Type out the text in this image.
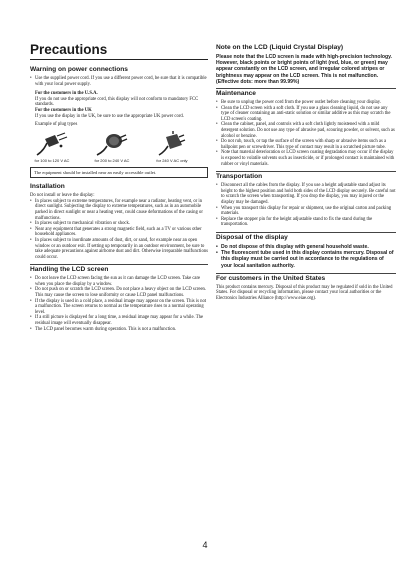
Precautions
Warning on power connections
• Use the supplied power cord. If you use a different power cord, be sure that it is compatible with your local power supply.

For the customers in the U.S.A.

If you do not use the appropriate cord, this display will not conform to mandatory FCC standards.

For the customers in the UK

If you use the display in the UK, be sure to use the appropriate UK power cord.

Example of plug types

for 100 to 120 V AC	for 200 to 240 V AC	for 240 V AC only
The equipment should be installed near an easily accessible outlet.
Installation

Do not install or leave the display:

• In places subject to extreme temperatures, for example near a radiator, heating vent, or in direct sunlight. Subjecting the display to extreme temperatures, such as in an automobile parked in direct sunlight or near a heating vent, could cause deformations of the casing or malfunctions.
• In places subject to mechanical vibration or shock.
• Near any equipment that generates a strong magnetic field, such as a TV or various other household appliances.
• In places subject to inordinate amounts of dust, dirt, or sand, for example near an open window or an outdoor exit. If setting up temporarily in an outdoor environment, be sure to take adequate precautions against airborne dust and dirt. Otherwise irreparable malfunctions could occur.
Handling the LCD screen
• Do not leave the LCD screen facing the sun as it can damage the LCD screen. Take care when you place the display by a window.
• Do not push on or scratch the LCD screen. Do not place a heavy object on the LCD screen. This may cause the screen to lose uniformity or cause LCD panel malfunctions.
• If the display is used in a cold place, a residual image may appear on the screen. This is not a malfunction. The screen returns to normal as the temperature rises to a normal operating level.
• If a still picture is displayed for a long time, a residual image may appear for a while. The residual image will eventually disappear.
• The LCD panel becomes warm during operation. This is not a malfunction.
Note on the LCD (Liquid Crystal Display)

Please note that the LCD screen is made with high-precision technology. However, black points or bright points of light (red, blue, or green) may appear constantly on the LCD screen, and irregular colored stripes or brightness may appear on the LCD screen. This is not malfunction.

(Effective dots: more than 99.99%)

Maintenance
• Be sure to unplug the power cord from the power outlet before cleaning your display.
• Clean the LCD screen with a soft cloth. If you use a glass cleaning liquid, do not use any type of cleaner containing an anti-static solution or similar additive as this may scratch the LCD screen's coating.
• Clean the cabinet, panel, and controls with a soft cloth lightly moistened with a mild detergent solution. Do not use any type of abrasive pad, scouring powder, or solvent, such as alcohol or benzine.
• Do not rub, touch, or tap the surface of the screen with sharp or abrasive items such as a ballpoint pen or screwdriver. This type of contact may result in a scratched picture tube.
• Note that material deterioration or LCD screen coating degradation may occur if the display is exposed to volatile solvents such as insecticide, or if prolonged contact is maintained with rubber or vinyl materials.
Transportation
• Disconnect all the cables from the display. If you use a height adjustable stand adjust its height to the highest position and hold both sides of the LCD display securely. Be careful not to scratch the screen when transporting. If you drop the display, you may injured or the display may be damaged.
• When you transport this display for repair or shipment, use the original carton and packing materials.
• Replace the stopper pin for the height adjustable stand to fix the stand during the transportation.
Disposal of the display
• Do not dispose of this display with general household waste.
• The fluorescent tube used in this display contains mercury. Disposal of this display must be carried out in accordance to the regulations of your local sanitation authority.
For customers in the United States

This product contains mercury. Disposal of this product may be regulated if sold in the United States. For disposal or recycling information, please contact your local authorities or the Electronics Industries Alliance (http://www.eiae.org).

4
